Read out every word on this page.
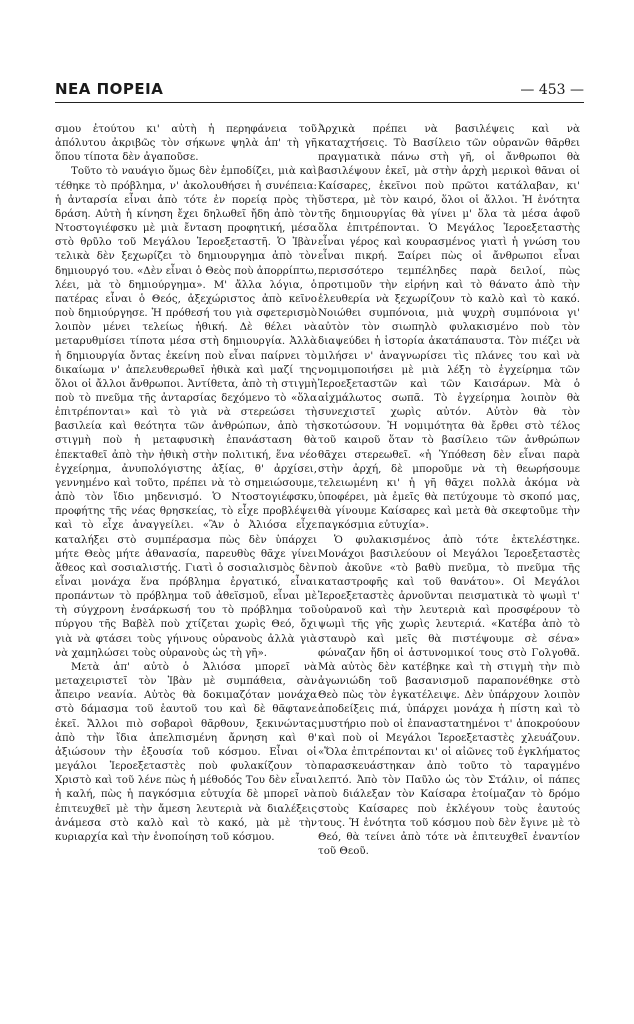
ΝΕΑ ΠΟΡΕΙΑ	— 453 —

σμου ἐτούτου κι' αὐτὴ ἡ περηφάνεια τοῦ ἀπόλυτου ἀκριβῶς τὸν σήκωνε ψηλὰ ἀπ' τὴ γῆ ὅπου τίποτα δὲν ἀγαποῦσε.

Τοῦτο τὸ ναυάγιο ὅμως δὲν ἐμποδίζει, μιὰ καὶ τέθηκε τὸ πρόβλημα, ν' ἀκολουθήσει ἡ συνέπεια: ἡ ἀνταρσία εἶναι ἀπὸ τότε ἐν πορείᾳ πρὸς τὴ δράση. Αὐτὴ ἡ κίνηση ἔχει δηλωθεῖ ἤδη ἀπὸ τὸν Ντοστογιέφσκυ μὲ μιὰ ἔνταση προφητική, μέσα στὸ θρῦλο τοῦ Μεγάλου Ἱεροεξεταστῆ. Ὁ Ἰβὰν τελικὰ δὲν ξεχωρίζει τὸ δημιουργημα ἀπὸ τὸν δημιουργό του. «Δὲν εἶναι ὁ Θεὸς ποὺ ἀπορρίπτω, λέει, μὰ τὸ δημιούργημα». Μ' ἄλλα λόγια, ὁ πατέρας εἶναι ὁ Θεός, ἀξεχώριστος ἀπὸ κεῖνο ποὺ δημιούργησε. Ἡ πρόθεσή του γιὰ σφετερισμὸ λοιπὸν μένει τελείως ἠθική. Δὲ θέλει νὰ μεταρυθμίσει τίποτα μέσα στὴ δημιουργία. Ἀλλὰ ἡ δημιουργία ὄντας ἐκείνη ποὺ εἶναι παίρνει τὸ δικαίωμα ν' ἀπελευθερωθεῖ ἠθικὰ καὶ μαζί της ὅλοι οἱ ἄλλοι ἄνθρωποι. Ἀντίθετα, ἀπὸ τὴ στιγμὴ ποὺ τὸ πνεῦμα τῆς ἀνταρσίας δεχόμενο τὸ «ὅλα ἐπιτρέπονται» καὶ τὸ γιὰ νὰ στερεώσει τὴ βασιλεία καὶ θεότητα τῶν ἀνθρώπων, ἀπὸ τὴ στιγμὴ ποὺ ἡ μεταφυσικὴ ἐπανάσταση θὰ ἐπεκταθεῖ ἀπὸ τὴν ἠθικὴ στὴν πολιτική, ἕνα νέο ἐγχείρημα, ἀνυπολόγιστης ἀξίας, θ' ἀρχίσει, γεννημένο καὶ τοῦτο, πρέπει νὰ τὸ σημειώσουμε, ἀπὸ τὸν ἴδιο μηδενισμό. Ὁ Ντοστογιέφσκυ, προφήτης τῆς νέας θρησκείας, τὸ εἶχε προβλέψει καὶ τὸ εἶχε ἀναγγείλει. «Ἂν ὁ Ἀλιόσα εἶχε καταλήξει στὸ συμπέρασμα πὼς δὲν ὑπάρχει μήτε Θεὸς μήτε ἀθανασία, παρευθὺς θᾶχε γίνει ἄθεος καὶ σοσιαλιστής. Γιατὶ ὁ σοσιαλισμὸς δὲν εἶναι μονάχα ἕνα πρόβλημα ἐργατικό, εἶναι προπάντων τὸ πρόβλημα τοῦ ἀθεϊσμοῦ, εἶναι μὲ τὴ σύγχρονη ἐνσάρκωσή του τὸ πρόβλημα τοῦ πύργου τῆς Βαβὲλ ποὺ χτίζεται χωρὶς Θεό, ὄχι γιὰ νὰ φτάσει τοὺς γήινους οὐρανοὺς ἀλλὰ γιὰ νὰ χαμηλώσει τοὺς οὐρανοὺς ὡς τὴ γῆ».

Μετὰ ἀπ' αὐτὸ ὁ Ἀλιόσα μπορεῖ νὰ μεταχειριστεῖ τὸν Ἰβὰν μὲ συμπάθεια, σὰν ἄπειρο νεανία. Αὐτὸς θὰ δοκιμαζόταν μονάχα στὸ δάμασμα τοῦ ἑαυτοῦ του καὶ δὲ θᾶφτανε ἐκεῖ. Ἄλλοι πιὸ σοβαροὶ θᾶρθουν, ξεκινώντας ἀπὸ τὴν ἴδια ἀπελπισμένη ἄρνηση καὶ θ' ἀξιώσουν τὴν ἐξουσία τοῦ κόσμου. Εἶναι οἱ μεγάλοι Ἱεροεξεταστὲς ποὺ φυλακίζουν τὸ Χριστὸ καὶ τοῦ λένε πὼς ἡ μέθοδός Του δὲν εἶναι ἡ καλή, πὼς ἡ παγκόσμια εὐτυχία δὲ μπορεῖ νὰ ἐπιτευχθεῖ μὲ τὴν ἄμεση λευτεριὰ νὰ διαλέξεις ἀνάμεσα στὸ καλὸ καὶ τὸ κακό, μὰ μὲ τὴν κυριαρχία καὶ τὴν ἑνοποίηση τοῦ κόσμου.

Ἀρχικὰ πρέπει νὰ βασιλέψεις καὶ νὰ καταχτήσεις. Τὸ Βασίλειο τῶν οὐρανῶν θᾶρθει πραγματικὰ πάνω στὴ γῆ, οἱ ἄνθρωποι θὰ βασιλέψουν ἐκεῖ, μὰ στὴν ἀρχὴ μερικοὶ θᾶναι οἱ Καίσαρες, ἐκεῖνοι ποὺ πρῶτοι κατάλαβαν, κι' ὕστερα, μὲ τὸν καιρό, ὅλοι οἱ ἄλλοι. Ἡ ἑνότητα τῆς δημιουργίας θὰ γίνει μ' ὅλα τὰ μέσα ἀφοῦ ὅλα ἐπιτρέπονται. Ὁ Μεγάλος Ἱεροεξεταστὴς εἶναι γέρος καὶ κουρασμένος γιατὶ ἡ γνώση του εἶναι πικρή. Ξαίρει πὼς οἱ ἄνθρωποι εἶναι περισσότερο τεμπέληδες παρὰ δειλοί, πὼς προτιμοῦν τὴν εἰρήνη καὶ τὸ θάνατο ἀπὸ τὴν ἐλευθερία νὰ ξεχωρίζουν τὸ καλὸ καὶ τὸ κακό. Νοιώθει συμπόνοια, μιὰ ψυχρὴ συμπόνοια γι' αὐτὸν τὸν σιωπηλὸ φυλακισμένο ποὺ τὸν διαψεύδει ἡ ἱστορία ἀκατάπαυστα. Τὸν πιέζει νὰ μιλήσει ν' ἀναγνωρίσει τὶς πλάνες του καὶ νὰ νομιμοποιήσει μὲ μιὰ λέξη τὸ ἐγχείρημα τῶν Ἱεροεξεταστῶν καὶ τῶν Καισάρων. Μὰ ὁ αἰχμάλωτος σωπᾶ. Τὸ ἐγχείρημα λοιπὸν θὰ συνεχιστεῖ χωρὶς αὐτόν. Αὐτὸν θὰ τὸν σκοτώσουν. Ἡ νομιμότητα θὰ ἔρθει στὸ τέλος τοῦ καιροῦ ὅταν τὸ βασίλειο τῶν ἀνθρώπων θᾶχει στερεωθεῖ. «ἡ Ὑπόθεση δὲν εἶναι παρὰ στὴν ἀρχή, δὲ μποροῦμε νὰ τὴ θεωρήσουμε τελειωμένη κι' ἡ γῆ θᾶχει πολλὰ ἀκόμα νὰ ὑποφέρει, μὰ ἐμεῖς θὰ πετύχουμε τὸ σκοπό μας, θὰ γίνουμε Καίσαρες καὶ μετὰ θὰ σκεφτοῦμε τὴν παγκόσμια εὐτυχία».

Ὁ φυλακισμένος ἀπὸ τότε ἐκτελέστηκε. Μονάχοι βασιλεύουν οἱ Μεγάλοι Ἱεροεξεταστὲς ποὺ ἀκοῦνε «τὸ βαθὺ πνεῦμα, τὸ πνεῦμα τῆς καταστροφῆς καὶ τοῦ θανάτου». Οἱ Μεγάλοι Ἱεροεξεταστὲς ἀρνοῦνται πεισματικὰ τὸ ψωμὶ τ' οὐρανοῦ καὶ τὴν λευτεριὰ καὶ προσφέρουν τὸ ψωμὶ τῆς γῆς χωρὶς λευτεριά. «Κατέβα ἀπὸ τὸ σταυρὸ καὶ μεῖς θὰ πιστέψουμε σὲ σένα» φώναζαν ἤδη οἱ ἀστυνομικοί τους στὸ Γολγοθᾶ. Μὰ αὐτὸς δὲν κατέβηκε καὶ τὴ στιγμὴ τὴν πιὸ ἀγωνιώδη τοῦ βασανισμοῦ παραπονέθηκε στὸ Θεὸ πὼς τὸν ἐγκατέλειψε. Δὲν ὑπάρχουν λοιπὸν ἀποδείξεις πιά, ὑπάρχει μονάχα ἡ πίστη καὶ τὸ μυστήριο ποὺ οἱ ἐπαναστατημένοι τ' ἀποκρούουν καὶ ποὺ οἱ Μεγάλοι Ἱεροεξεταστὲς χλευάζουν. «Ὅλα ἐπιτρέπονται κι' οἱ αἰῶνες τοῦ ἐγκλήματος παρασκευάστηκαν ἀπὸ τοῦτο τὸ ταραγμένο λεπτό. Ἀπὸ τὸν Παῦλο ὡς τὸν Στάλιν, οἱ πάπες ποὺ διάλεξαν τὸν Καίσαρα ἑτοίμαζαν τὸ δρόμο στοὺς Καίσαρες ποὺ ἐκλέγουν τοὺς ἑαυτούς τους. Ἡ ἑνότητα τοῦ κόσμου ποὺ δὲν ἔγινε μὲ τὸ Θεό, θὰ τείνει ἀπὸ τότε νὰ ἐπιτευχθεῖ ἐναντίον τοῦ Θεοῦ.
